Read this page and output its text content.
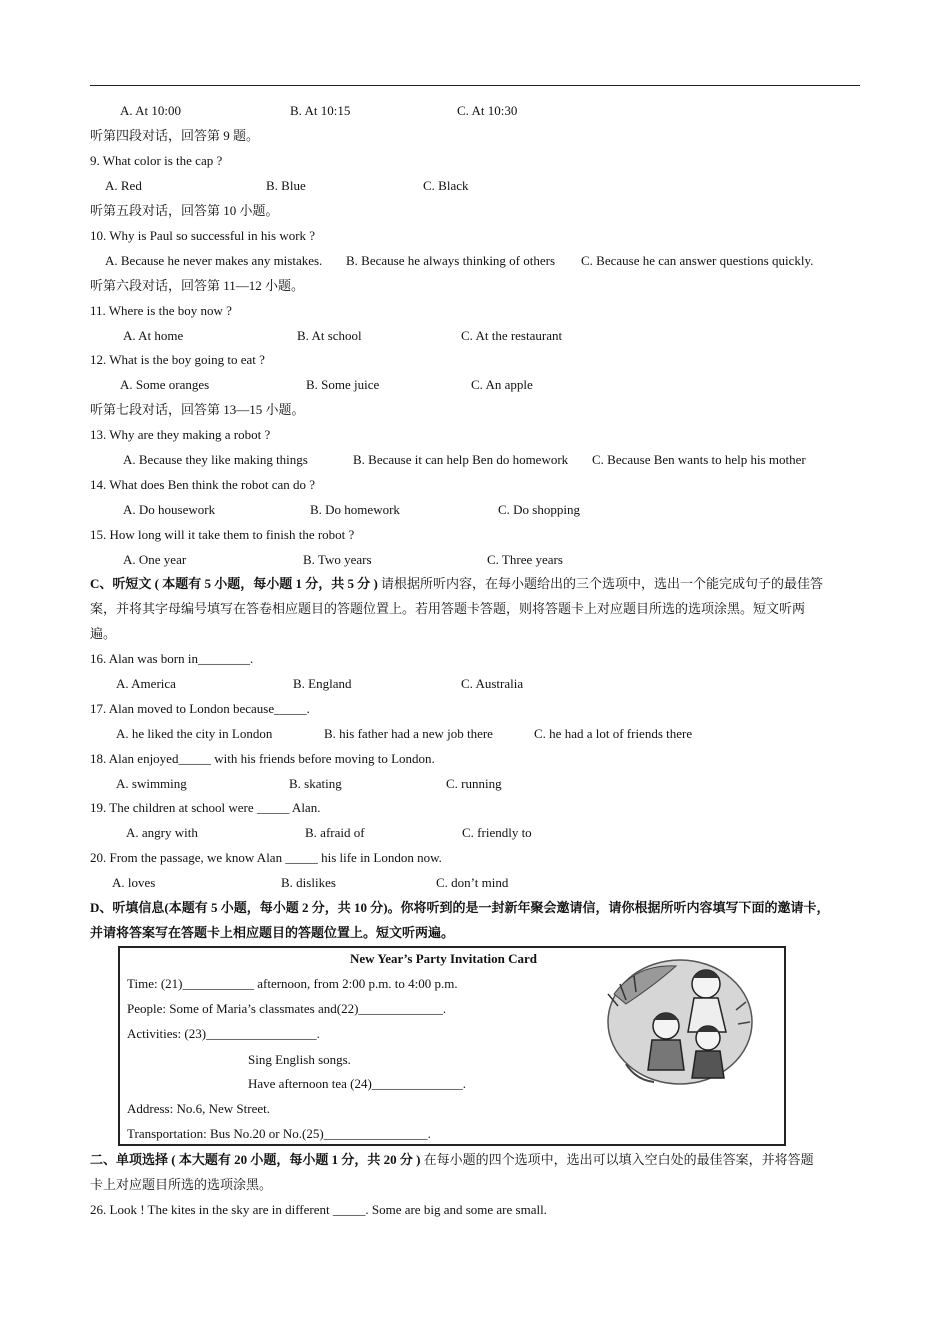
A. At 10:00	B. At 10:15	C. At 10:30
听第四段对话，回答第 9 题。
9. What color is the cap ?
A. Red	B. Blue	C. Black
听第五段对话，回答第 10 小题。
10. Why is Paul so successful in his work ?
A. Because he never makes any mistakes. B. Because he always thinking of others C. Because he can answer questions quickly.
听第六段对话，回答第 11—12 小题。
11. Where is the boy now ?
A. At home	B. At school	C. At the restaurant
12. What is the boy going to eat ?
A. Some oranges	B. Some juice	C. An apple
听第七段对话，回答第 13—15 小题。
13. Why are they making a robot ?
A. Because they like making things	B. Because it can help Ben do homework C. Because Ben wants to help his mother
14. What does Ben think the robot can do ?
A. Do housework	B. Do homework	C. Do shopping
15. How long will it take them to finish the robot ?
A. One year	B. Two years	C. Three years
C、听短文 ( 本题有 5 小题，每小题 1 分，共 5 分 ) 请根据所听内容，在每小题给出的三个选项中，选出一个能完成句子的最佳答
案，并将其字母编号填写在答卷相应题目的答题位置上。若用答题卡答题，则将答题卡上对应题目所选的选项涂黑。短文听两
遍。
16. Alan was born in________.
A. America	B. England	C. Australia
17. Alan moved to London because_____.
A. he liked the city in London	B. his father had a new job there	C. he had a lot of friends there
18. Alan enjoyed_____ with his friends before moving to London.
A. swimming	B. skating	C. running
19. The children at school were _____ Alan.
A. angry with	B. afraid of	C. friendly to
20. From the passage, we know Alan _____ his life in London now.
A. loves	B. dislikes	C. don’t mind
D、听填信息(本题有 5 小题，每小题 2 分，共 10 分)。你将听到的是一封新年聚会邀请信，请你根据所听内容填写下面的邀请卡，
并请将答案写在答题卡上相应题目的答题位置上。短文听两遍。
New Year’s Party Invitation Card
Time: (21)___________ afternoon, from 2:00 p.m. to 4:00 p.m.
People: Some of Maria’s classmates and(22)_____________.
Activities: (23)_________________.
Sing English songs.
Have afternoon tea (24)______________.
Address: No.6, New Street.
Transportation: Bus No.20 or No.(25)________________.
二、单项选择 ( 本大题有 20 小题，每小题 1 分，共 20 分 ) 在每小题的四个选项中，选出可以填入空白处的最佳答案，并将答题
卡上对应题目所选的选项涂黑。
26. Look ! The kites in the sky are in different _____. Some are big and some are small.
